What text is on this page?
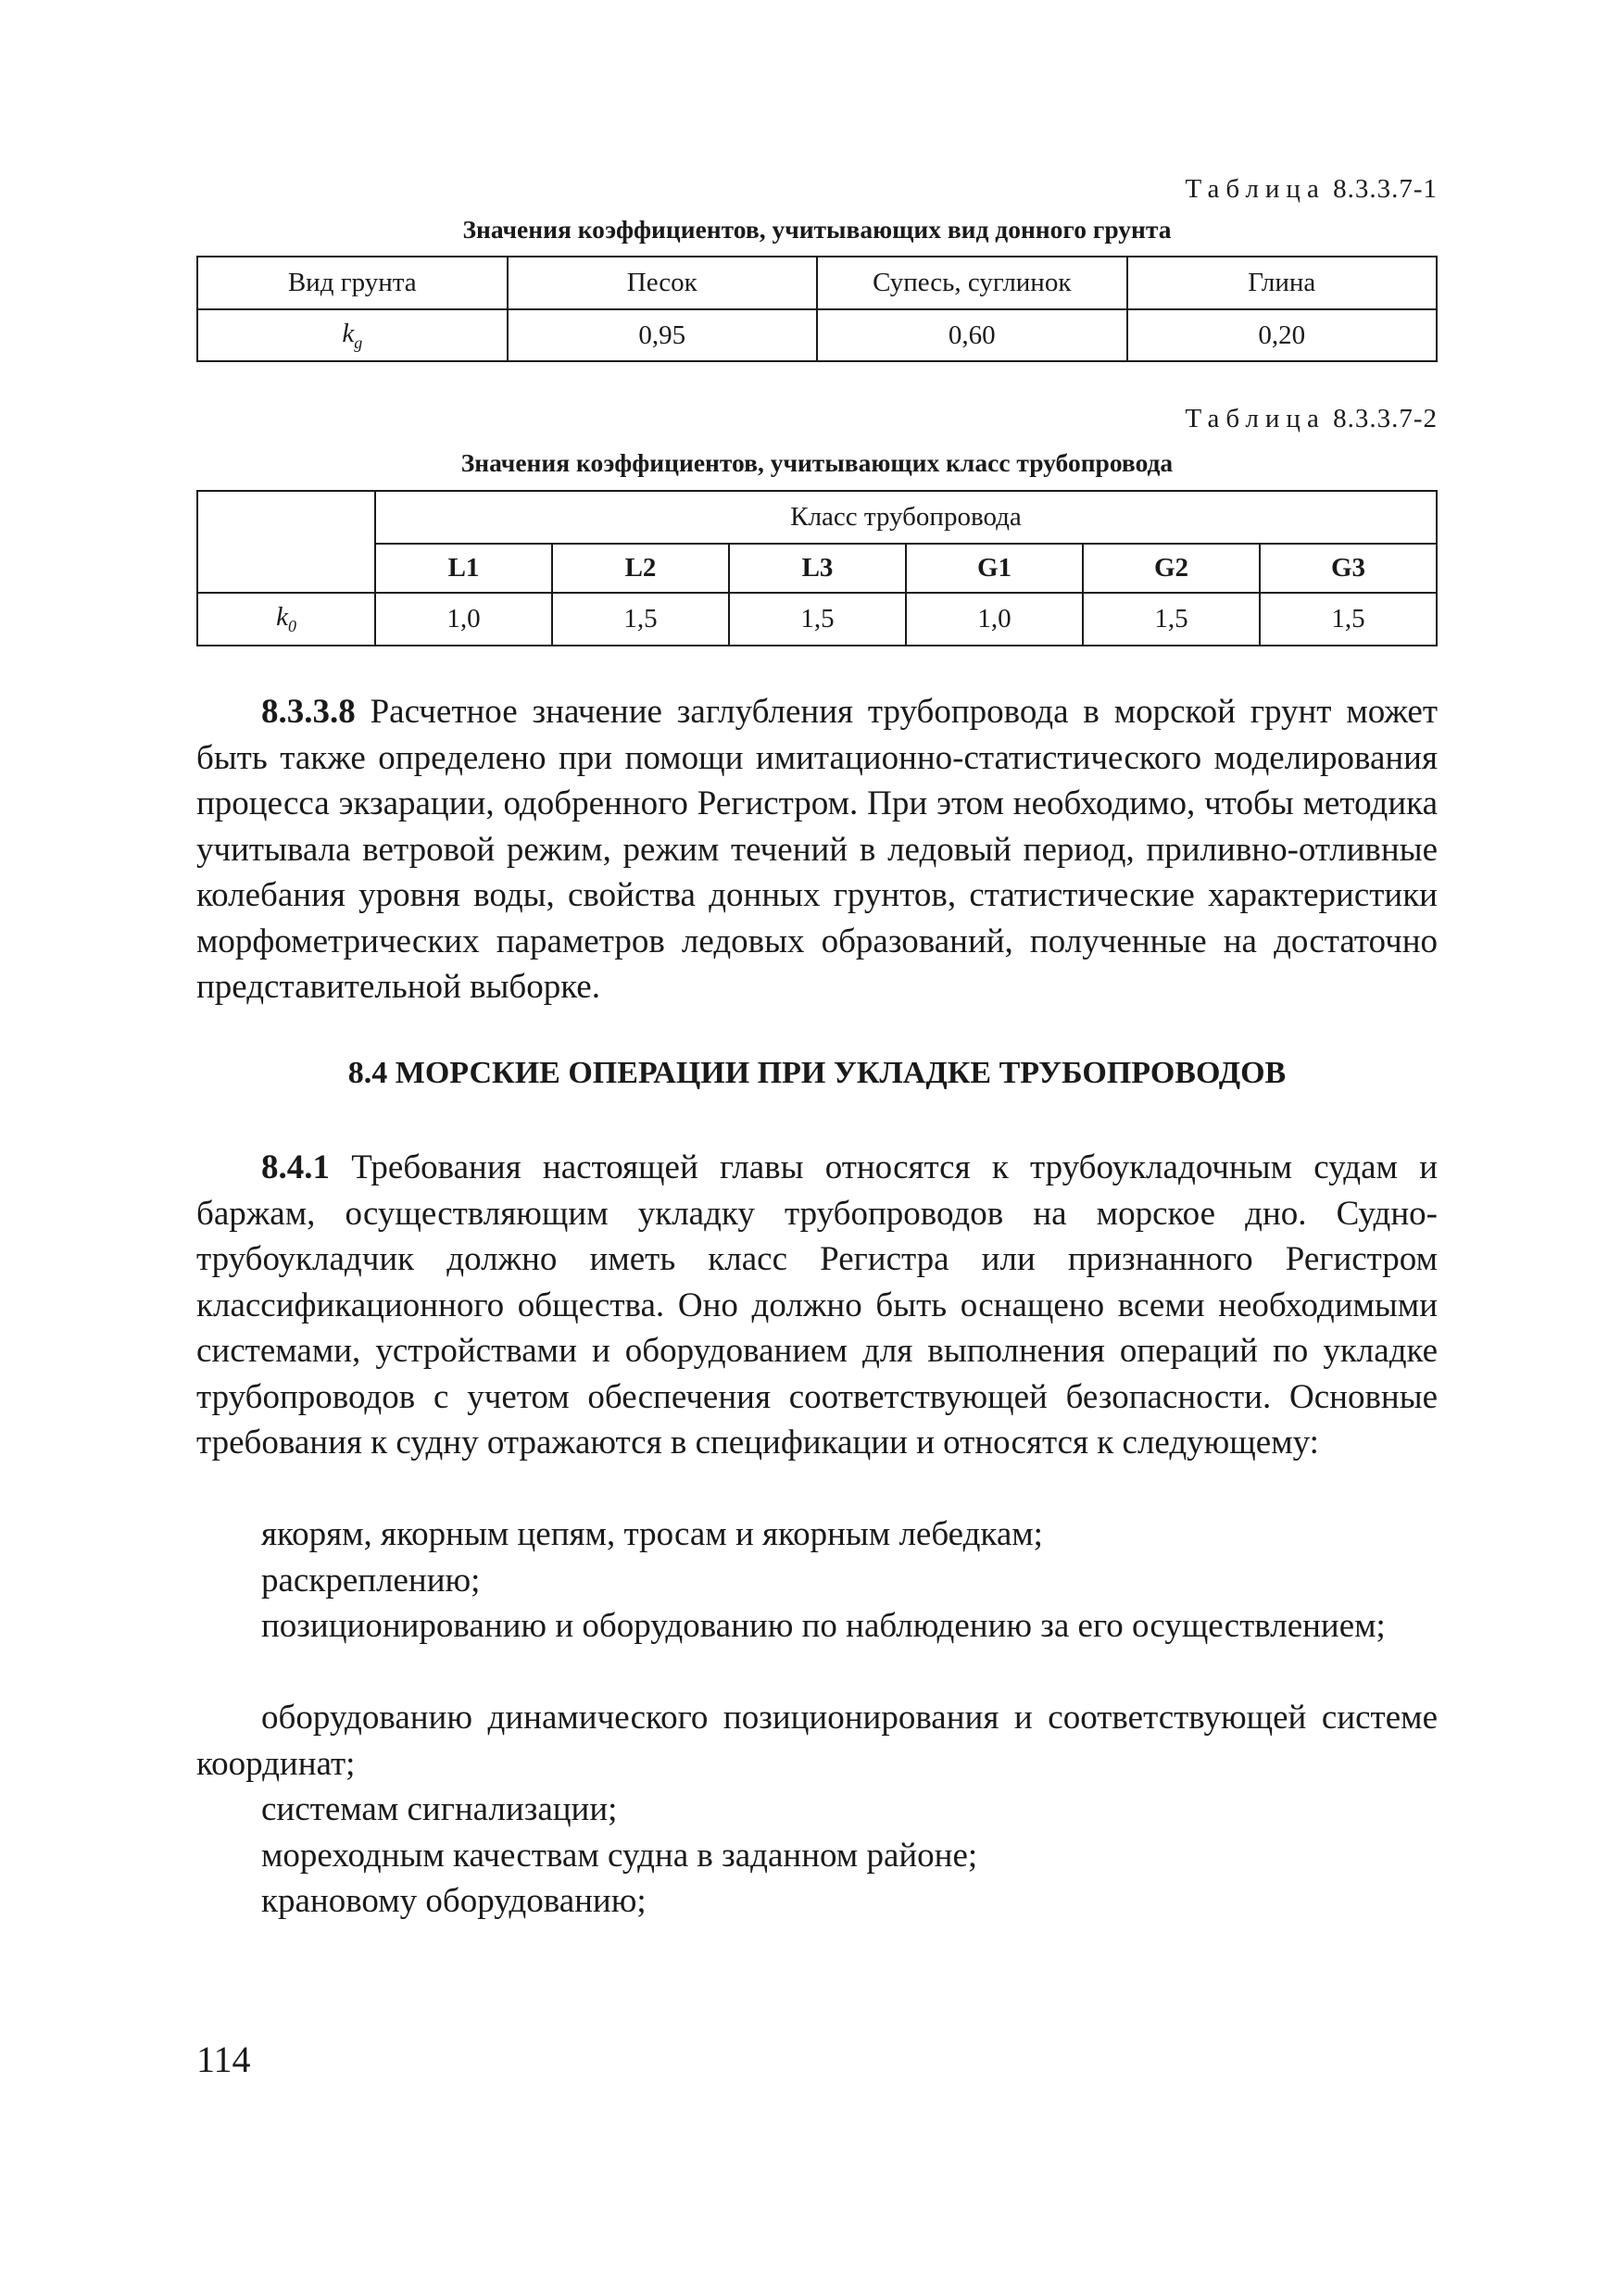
Таблица 8.3.3.7-1
Значения коэффициентов, учитывающих вид донного грунта
Вид грунта	Песок	Супесь, суглинок	Глина
$k_g$	0,95	0,60	0,20
Таблица 8.3.3.7-2
Значения коэффициентов, учитывающих класс трубопровода
	Класс трубопровода					
	L1	L2	L3	G1	G2	G3
$k_0$	1,0	1,5	1,5	1,0	1,5	1,5

8.3.3.8 Расчетное значение заглубления трубопровода в морской грунт может быть также определено при помощи имитационно-статистического моделирования процесса экзарации, одобренного Регистром. При этом необходимо, чтобы методика учитывала ветровой режим, режим течений в ледовый период, приливно-отливные колебания уровня воды, свойства донных грунтов, статистические характеристики морфометрических параметров ледовых образований, полученные на достаточно представительной выборке.

8.4 МОРСКИЕ ОПЕРАЦИИ ПРИ УКЛАДКЕ ТРУБОПРОВОДОВ

8.4.1 Требования настоящей главы относятся к трубоукладочным судам и баржам, осуществляющим укладку трубопроводов на морское дно. Судно-трубоукладчик должно иметь класс Регистра или признанного Регистром классификационного общества. Оно должно быть оснащено всеми необходимыми системами, устройствами и оборудованием для выполнения операций по укладке трубопроводов с учетом обеспечения соответствующей безопасности. Основные требования к судну отражаются в спецификации и относятся к следующему:

якорям, якорным цепям, тросам и якорным лебедкам;

раскреплению;

позиционированию и оборудованию по наблюдению за его осуществлением;

оборудованию динамического позиционирования и соответствующей системе координат;

системам сигнализации;

мореходным качествам судна в заданном районе;

крановому оборудованию;

114
